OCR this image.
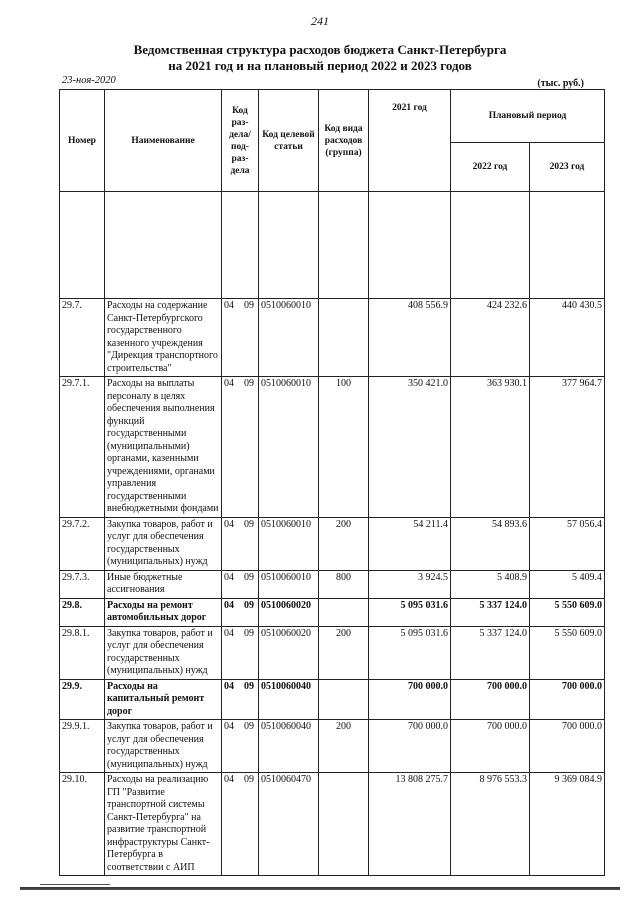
241
Ведомственная структура расходов бюджета Санкт-Петербурга
на 2021 год и на плановый период 2022 и 2023 годов
23-ноя-2020	(тыс. руб.)
Номер	Наименование	Код раз-дела/ под-раз-дела	Код целевой статьи	Код вида расходов (группа)	2021 год	Плановый период	
						2022 год	2023 год

29.7.	Расходы на содержание Санкт-Петербургского государственного казенного учреждения "Дирекция транспортного строительства"	04 09	0510060010		408 556.9	424 232.6	440 430.5
29.7.1.	Расходы на выплаты персоналу в целях обеспечения выполнения функций государственными (муниципальными) органами, казенными учреждениями, органами управления государственными внебюджетными фондами	04 09	0510060010	100	350 421.0	363 930.1	377 964.7
29.7.2.	Закупка товаров, работ и услуг для обеспечения государственных (муниципальных) нужд	04 09	0510060010	200	54 211.4	54 893.6	57 056.4
29.7.3.	Иные бюджетные ассигнования	04 09	0510060010	800	3 924.5	5 408.9	5 409.4
29.8.	Расходы на ремонт автомобильных дорог	04 09	0510060020		5 095 031.6	5 337 124.0	5 550 609.0
29.8.1.	Закупка товаров, работ и услуг для обеспечения государственных (муниципальных) нужд	04 09	0510060020	200	5 095 031.6	5 337 124.0	5 550 609.0
29.9.	Расходы на капитальный ремонт дорог	04 09	0510060040		700 000.0	700 000.0	700 000.0
29.9.1.	Закупка товаров, работ и услуг для обеспечения государственных (муниципальных) нужд	04 09	0510060040	200	700 000.0	700 000.0	700 000.0
29.10.	Расходы на реализацию ГП "Развитие транспортной системы Санкт-Петербурга" на развитие транспортной инфраструктуры Санкт-Петербурга в соответствии с АИП	04 09	0510060470		13 808 275.7	8 976 553.3	9 369 084.9
